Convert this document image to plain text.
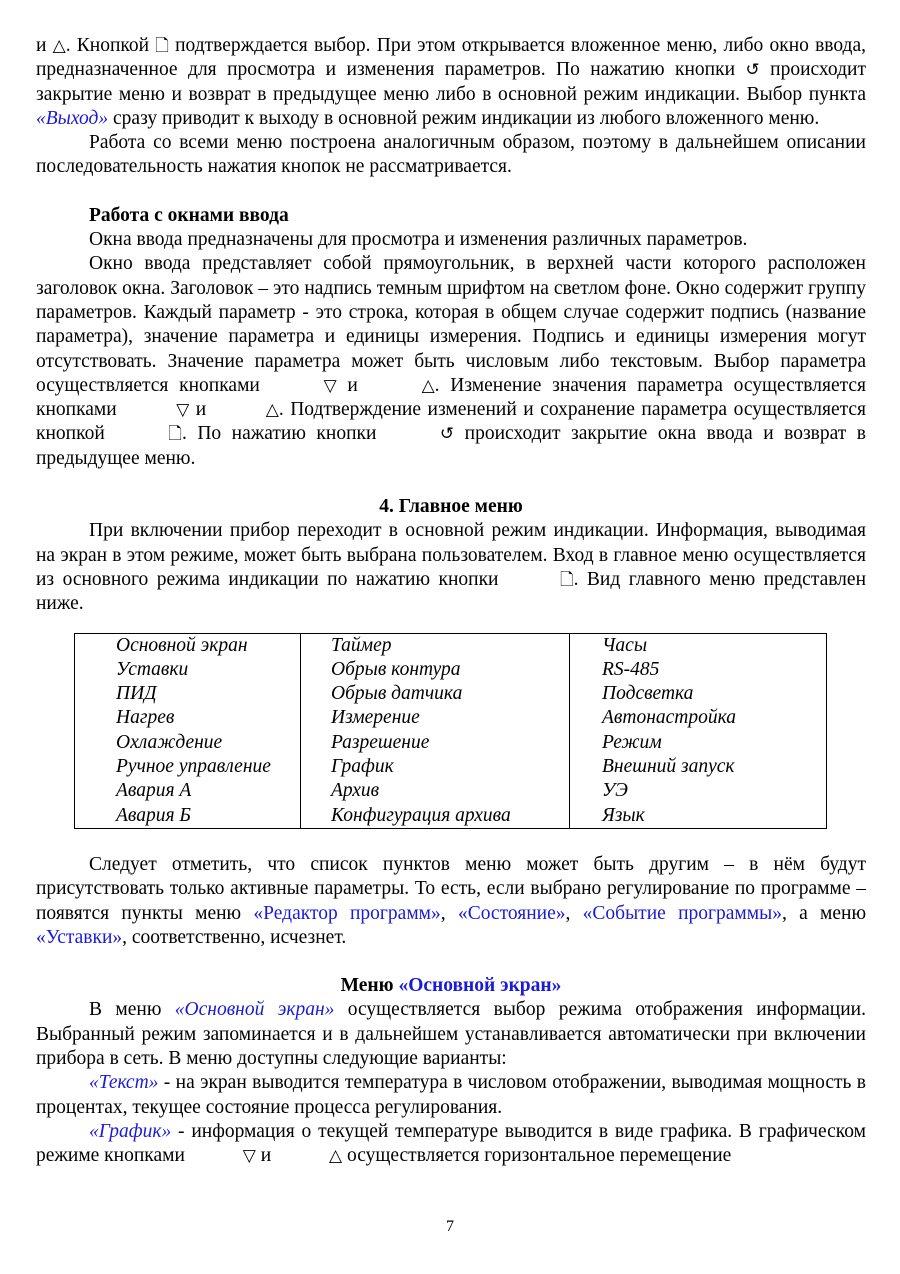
и △. Кнопкой 🗋 подтверждается выбор. При этом открывается вложенное меню, либо окно ввода, предназначенное для просмотра и изменения параметров. По нажатию кнопки ↺ происходит закрытие меню и возврат в предыдущее меню либо в основной режим индикации. Выбор пункта «Выход» сразу приводит к выходу в основной режим индикации из любого вложенного меню.

Работа со всеми меню построена аналогичным образом, поэтому в дальнейшем описании последовательность нажатия кнопок не рассматривается.

Работа с окнами ввода

Окна ввода предназначены для просмотра и изменения различных параметров.

Окно ввода представляет собой прямоугольник, в верхней части которого расположен заголовок окна. Заголовок – это надпись темным шрифтом на светлом фоне. Окно содержит группу параметров. Каждый параметр - это строка, которая в общем случае содержит подпись (название параметра), значение параметра и единицы измерения. Подпись и единицы измерения могут отсутствовать. Значение параметра может быть числовым либо текстовым. Выбор параметра осуществляется кнопками	▽ и	△. Изменение значения параметра осуществляется кнопками	▽ и	△. Подтверждение изменений и сохранение параметра осуществляется кнопкой	🗋. По нажатию кнопки	↺ происходит закрытие окна ввода и возврат в предыдущее меню.

4. Главное меню

При включении прибор переходит в основной режим индикации. Информация, выводимая на экран в этом режиме, может быть выбрана пользователем. Вход в главное меню осуществляется из основного режима индикации по нажатию кнопки	🗋. Вид главного меню представлен ниже.

Основной экран	Таймер	Часы
Уставки	Обрыв контура	RS-485
ПИД	Обрыв датчика	Подсветка
Нагрев	Измерение	Автонастройка
Охлаждение	Разрешение	Режим
Ручное управление	График	Внешний запуск
Авария А	Архив	УЭ
Авария Б	Конфигурация архива	Язык

Следует отметить, что список пунктов меню может быть другим – в нём будут присутствовать только активные параметры. То есть, если выбрано регулирование по программе – появятся пункты меню «Редактор программ», «Состояние», «Событие программы», а меню «Уставки», соответственно, исчезнет.

Меню «Основной экран»

В меню «Основной экран» осуществляется выбор режима отображения информации. Выбранный режим запоминается и в дальнейшем устанавливается автоматически при включении прибора в сеть. В меню доступны следующие варианты:

«Текст» - на экран выводится температура в числовом отображении, выводимая мощность в процентах, текущее состояние процесса регулирования.

«График» - информация о текущей температуре выводится в виде графика. В графическом режиме кнопками	▽ и	△ осуществляется горизонтальное перемещение

7
